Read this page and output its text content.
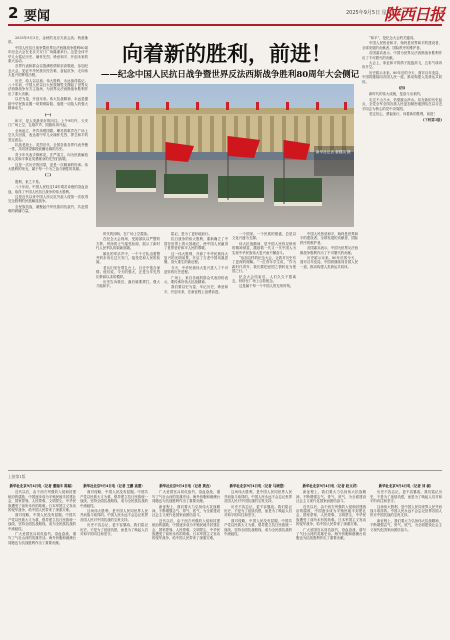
2 要闻	2025年9月5日 星期五
陕西日报
向着新的胜利，前进！
——纪念中国人民抗日战争暨世界反法西斯战争胜利80周年大会侧记
新华社记者 翟健岚 摄

2025年9月3日，金秋的北京天高云淡、秋意渐浓。

中国人民抗日战争暨世界反法西斯战争胜利80周年纪念大会在北京天安门广场隆重举行。这是全体中华儿女铭记历史、缅怀先烈、珍爱和平、开创未来的重大活动。

各界代表和群众以饱满热情和崇高敬意，参加纪念大会，见证中华民族历经苦难、奋起抗争、走向伟大复兴的辉煌历程。

历史，给人以启迪；伟大胜利，永远值得铭记。八十年前，中国人民以巨大民族牺牲支撑起了世界反法西斯战争东方主战场，为世界反法西斯战争胜利作出了重大贡献。

以史为鉴，开创未来。伟大抗战精神，永远是激励中华民族克服一切艰难险阻、战胜一切敌人的强大精神动力。

(一)

和平，是人类最美好的向往。上午9时许，天安门广场上空，礼炮声声，国旗冉冉升起。

全场起立，齐声高唱国歌。嘹亮的歌声在广场上空久久回荡，表达着中华儿女缅怀先烈、捍卫和平的坚定意志。

抗战老战士、英烈后代、全国各族各界代表齐聚一堂，共同回望那段波澜壮阔的历史。

青少年代表手捧鲜花，庄严肃立，向为民族解放和人类和平事业英勇献身的先烈们致敬。

这是一次历史的回望，更是一次精神的传承。伟大胜利的荣光，属于每一个为之奋斗牺牲的英雄。

(二)

胜利，来之不易。

八十年前，中国人民经过14年艰苦卓绝的浴血奋战，取得了中国人民抗日战争的伟大胜利。

这是近代以来中国人民反抗外敌入侵第一次取得完全胜利的民族解放战争。

全民族抗战，凝聚起中华民族同仇敌忾、共赴国难的磅礴力量。

时代的回响，在广场上空震荡。

在纪念大会现场，受阅部队以严整的方阵、昂扬的士气接受检阅，展示了新时代人民军队的崭新面貌。

雄壮的军乐声中，一个个方队迈着整齐的步伐走过天安门，接受党和人民的检阅。

老兵们坐在观礼台上，目光中饱含深情。他们说，今天的强大，正是当年先烈们梦寐以求的模样。

历史告诉我们，落后就要挨打，强大才能和平。

铭记，是为了更好地前行。

抗日战争的伟大胜利，重新确立了中国在世界上的大国地位，使中国人民赢得了世界爱好和平人民的尊敬。

这一伟大胜利，开辟了中华民族伟大复兴的光明前景，开启了古老中国凤凰涅槃、浴火重生的新征程。

今天，中华民族伟大复兴进入了不可逆转的历史进程。

广场上，来自各地的群众代表纷纷表示，要传承好伟大抗战精神。

我们要以史为鉴，牢记历史，珍爱和平，开创未来，在新征程上奋勇前进。

一个国家、一个民族的强盛，总是以文化兴盛为支撑。

伟大抗战精神，是中国人民弥足珍贵的精神财富，激励着一代又一代中国人为实现中华民族伟大复兴而不懈奋斗。

“参加这样的纪念大会，让我对历史有了更深的理解。”一位青年学生说，“作为新时代青年，我们要把爱国之情转化为报国之行。”

纪念大会结束后，人们久久不愿离去，纷纷在广场上合影留念。

这是属于每一个中国人的光荣时刻。

“和平”，是纪念大会的关键词。

中国人民热爱和平，始终是世界和平的建设者、全球发展的贡献者、国际秩序的维护者。

各国嘉宾表示，中国为世界反法西斯战争胜利作出了不可磨灭的贡献。

大会上，象征和平的鸽子振翅高飞，五彩气球冉冉升空。

历史昭示未来。80年后的今天，面对百年变局，中国将继续同各国人民一道，推动构建人类命运共同体。

(四)

新时代的伟大成就，是奋斗出来的。

走过千山万水，仍需跋山涉水。站在新的历史起点，全党全军全国各族人民更加紧密地团结在以习近平同志为核心的党中央周围。

坚定信心，勇毅前行，向着新的胜利，前进！

(下转第3版)

中国人民热爱和平，始终是世界和平的建设者、全球发展的贡献者、国际秩序的维护者。

各国嘉宾表示，中国为世界反法西斯战争胜利作出了不可磨灭的贡献。

历史昭示未来。80年后的今天，面对百年变局，中国将继续同各国人民一道，推动构建人类命运共同体。

上接第1版

新华社北京9月4日电（记者 董瑞丰 陈聪）

近代以后，由于西方列强的入侵和封建统治的腐败，中国逐步成为半殖民地半封建社会，国家蒙辱、人民蒙难、文明蒙尘，中华民族遭受了前所未有的劫难。日本军国主义发动的侵华战争，给中国人民带来了深重灾难。

面对侵略，中国人民没有屈服。中国共产党以民族大义为重，倡导建立抗日民族统一战线，坚持全面抗战路线，成为全民族抗战的中流砥柱。

广大爱国官兵同仇敌忾，浴血奋战，谱写了气壮山河的英雄史诗。海外侨胞和港澳台同胞也为抗战胜利作出了重要贡献。

新华社北京9月4日电（记者 王鹏 高蕾）

面对侵略，中国人民没有屈服。中国共产党以民族大义为重，倡导建立抗日民族统一战线，坚持全面抗战路线，成为全民族抗战的中流砥柱。

这场伟大胜利，是中国人民同世界人民并肩战斗取得的。中国人民永远不会忘记世界各国人民对中国抗战的宝贵支持。

历史不容忘记，更不容篡改。我们铭记历史，不是为了延续仇恨，而是为了唤起人们对和平的向往和坚守。

新华社北京9月4日电（记者 黄垚）

广大爱国官兵同仇敌忾，浴血奋战，谱写了气壮山河的英雄史诗。海外侨胞和港澳台同胞也为抗战胜利作出了重要贡献。

新征程上，我们要大力弘扬伟大抗战精神，不断增强志气、骨气、底气，为全面建设社会主义现代化国家而团结奋斗。

近代以后，由于西方列强的入侵和封建统治的腐败，中国逐步成为半殖民地半封建社会，国家蒙辱、人民蒙难、文明蒙尘，中华民族遭受了前所未有的劫难。日本军国主义发动的侵华战争，给中国人民带来了深重灾难。

新华社北京9月4日电（记者 马晓澄）

这场伟大胜利，是中国人民同世界人民并肩战斗取得的。中国人民永远不会忘记世界各国人民对中国抗战的宝贵支持。

历史不容忘记，更不容篡改。我们铭记历史，不是为了延续仇恨，而是为了唤起人们对和平的向往和坚守。

面对侵略，中国人民没有屈服。中国共产党以民族大义为重，倡导建立抗日民族统一战线，坚持全面抗战路线，成为全民族抗战的中流砥柱。

新华社北京9月4日电（记者 赵文君）

新征程上，我们要大力弘扬伟大抗战精神，不断增强志气、骨气、底气，为全面建设社会主义现代化国家而团结奋斗。

近代以后，由于西方列强的入侵和封建统治的腐败，中国逐步成为半殖民地半封建社会，国家蒙辱、人民蒙难、文明蒙尘，中华民族遭受了前所未有的劫难。日本军国主义发动的侵华战争，给中国人民带来了深重灾难。

广大爱国官兵同仇敌忾，浴血奋战，谱写了气壮山河的英雄史诗。海外侨胞和港澳台同胞也为抗战胜利作出了重要贡献。

新华社北京9月4日电（记者 刘 硕）

历史不容忘记，更不容篡改。我们铭记历史，不是为了延续仇恨，而是为了唤起人们对和平的向往和坚守。

这场伟大胜利，是中国人民同世界人民并肩战斗取得的。中国人民永远不会忘记世界各国人民对中国抗战的宝贵支持。

新征程上，我们要大力弘扬伟大抗战精神，不断增强志气、骨气、底气，为全面建设社会主义现代化国家而团结奋斗。
